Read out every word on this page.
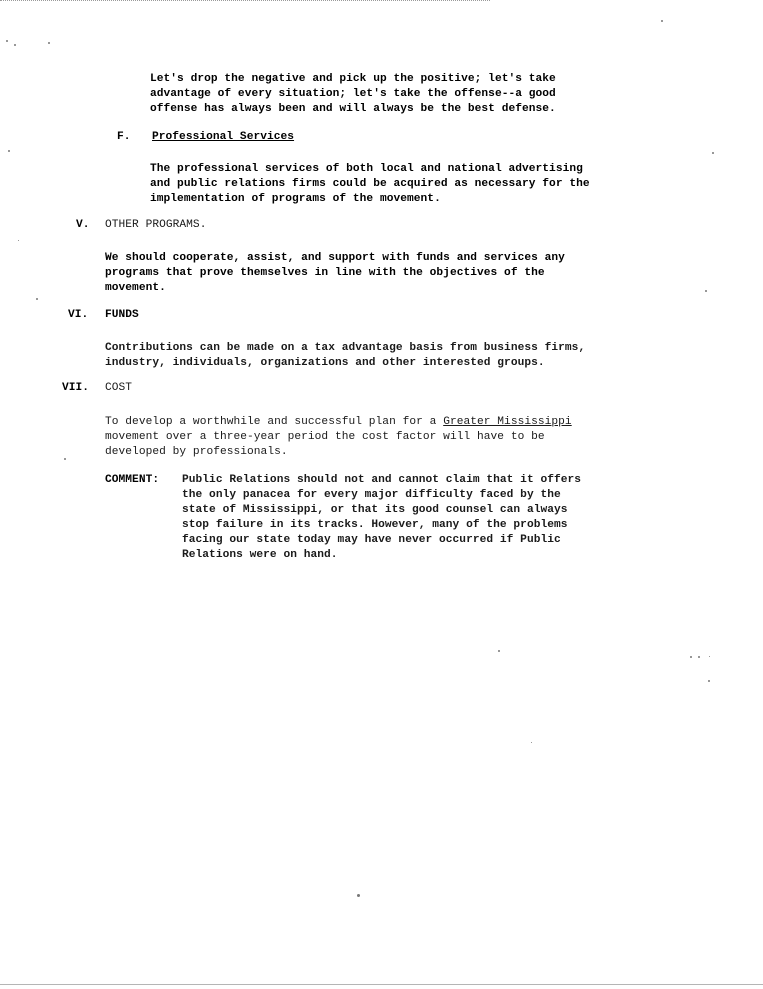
Let's drop the negative and pick up the positive; let's take
advantage of every situation; let's take the offense--a good
offense has always been and will always be the best defense.
F. Professional Services
The professional services of both local and national advertising
and public relations firms could be acquired as necessary for the
implementation of programs of the movement.
V. OTHER PROGRAMS.
We should cooperate, assist, and support with funds and services any
programs that prove themselves in line with the objectives of the
movement.
VI. FUNDS
Contributions can be made on a tax advantage basis from business firms,
industry, individuals, organizations and other interested groups.
VII. COST
To develop a worthwhile and successful plan for a Greater Mississippi
movement over a three-year period the cost factor will have to be
developed by professionals.
COMMENT: Public Relations should not and cannot claim that it offers
the only panacea for every major difficulty faced by the
state of Mississippi, or that its good counsel can always
stop failure in its tracks. However, many of the problems
facing our state today may have never occurred if Public
Relations were on hand.
